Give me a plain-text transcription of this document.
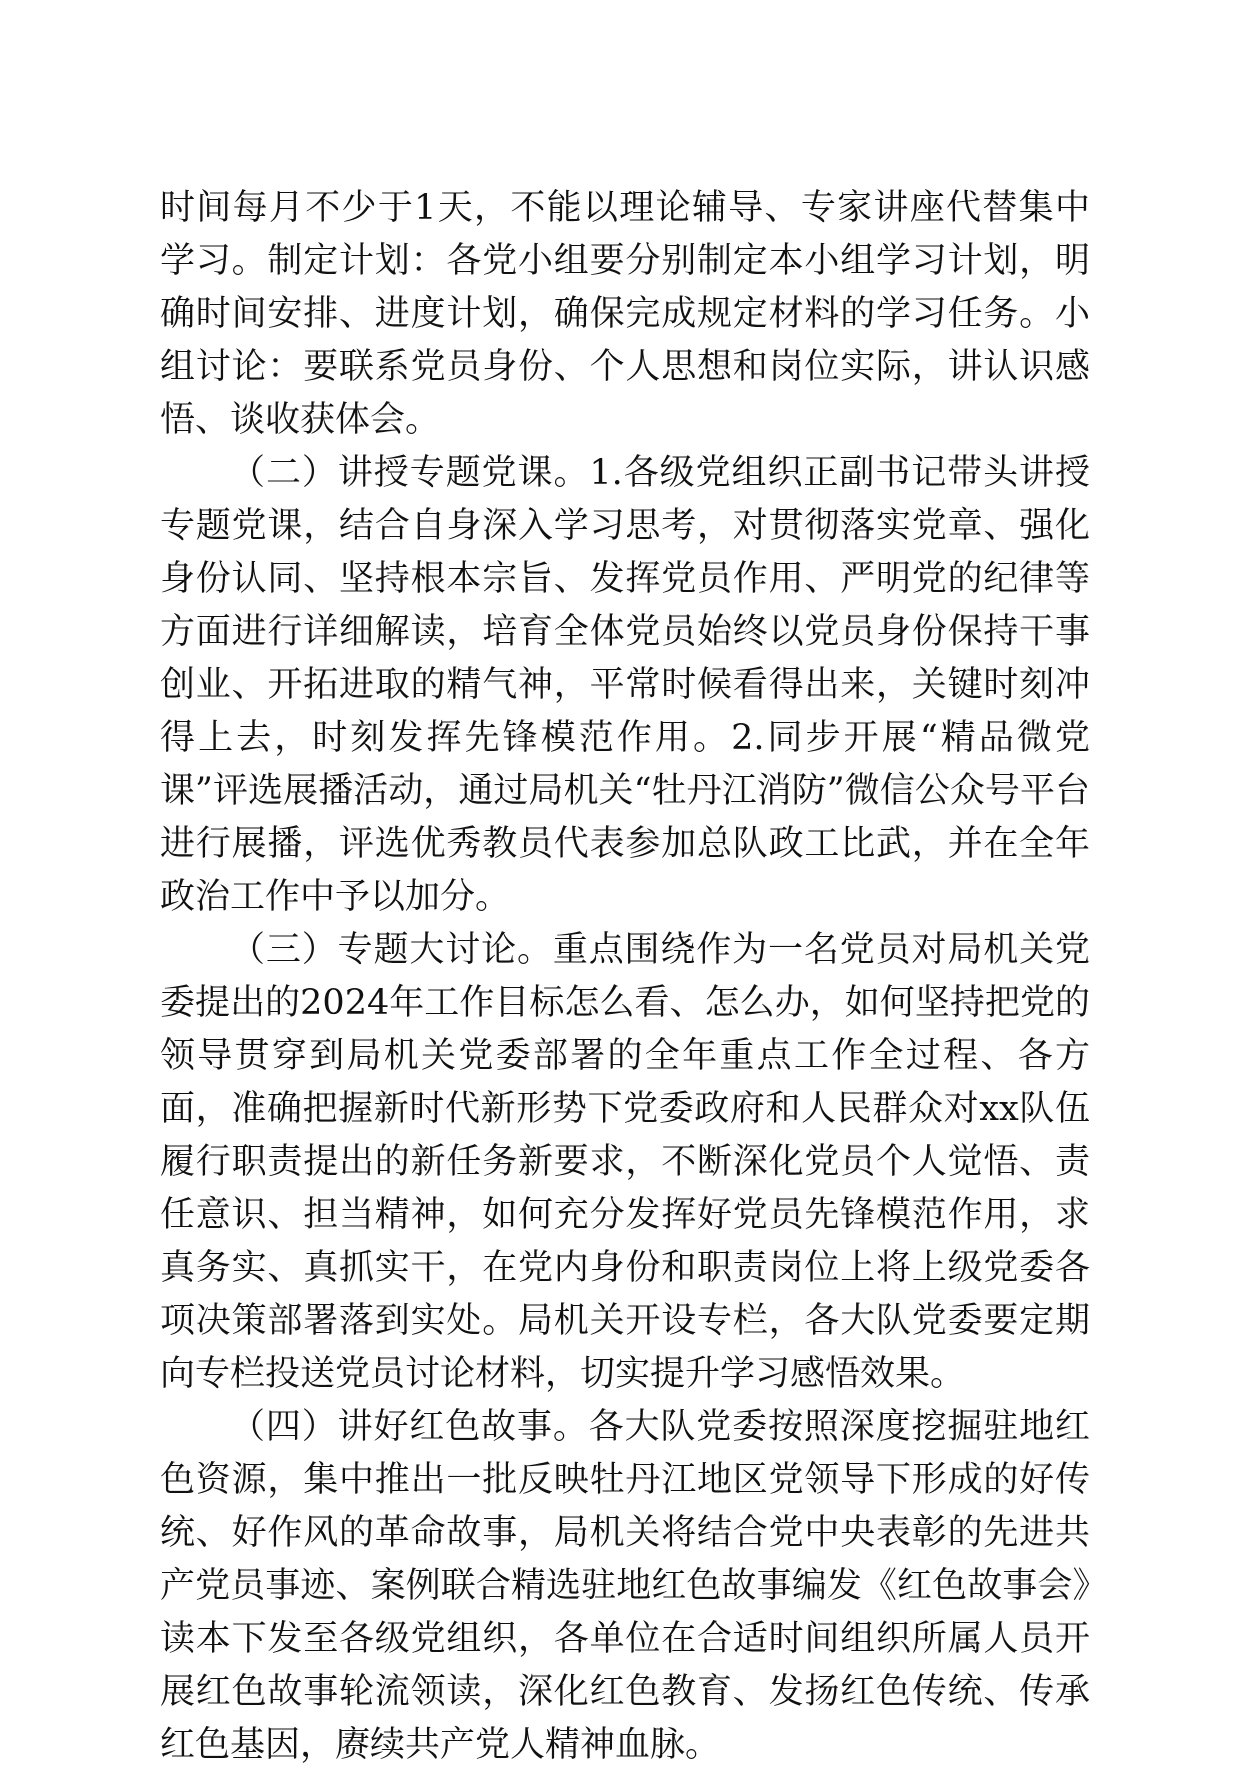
时间每月不少于1天，不能以理论辅导、专家讲座代替集中学习。制定计划：各党小组要分别制定本小组学习计划，明确时间安排、进度计划，确保完成规定材料的学习任务。小组讨论：要联系党员身份、个人思想和岗位实际，讲认识感悟、谈收获体会。

（二）讲授专题党课。1.各级党组织正副书记带头讲授专题党课，结合自身深入学习思考，对贯彻落实党章、强化身份认同、坚持根本宗旨、发挥党员作用、严明党的纪律等方面进行详细解读，培育全体党员始终以党员身份保持干事创业、开拓进取的精气神，平常时候看得出来，关键时刻冲得上去，时刻发挥先锋模范作用。2.同步开展“精品微党课”评选展播活动，通过局机关“牡丹江消防”微信公众号平台进行展播，评选优秀教员代表参加总队政工比武，并在全年政治工作中予以加分。

（三）专题大讨论。重点围绕作为一名党员对局机关党委提出的2024年工作目标怎么看、怎么办，如何坚持把党的领导贯穿到局机关党委部署的全年重点工作全过程、各方面，准确把握新时代新形势下党委政府和人民群众对xx队伍履行职责提出的新任务新要求，不断深化党员个人觉悟、责任意识、担当精神，如何充分发挥好党员先锋模范作用，求真务实、真抓实干，在党内身份和职责岗位上将上级党委各项决策部署落到实处。局机关开设专栏，各大队党委要定期向专栏投送党员讨论材料，切实提升学习感悟效果。

（四）讲好红色故事。各大队党委按照深度挖掘驻地红色资源，集中推出一批反映牡丹江地区党领导下形成的好传统、好作风的革命故事，局机关将结合党中央表彰的先进共产党员事迹、案例联合精选驻地红色故事编发《红色故事会》读本下发至各级党组织，各单位在合适时间组织所属人员开展红色故事轮流领读，深化红色教育、发扬红色传统、传承红色基因，赓续共产党人精神血脉。
